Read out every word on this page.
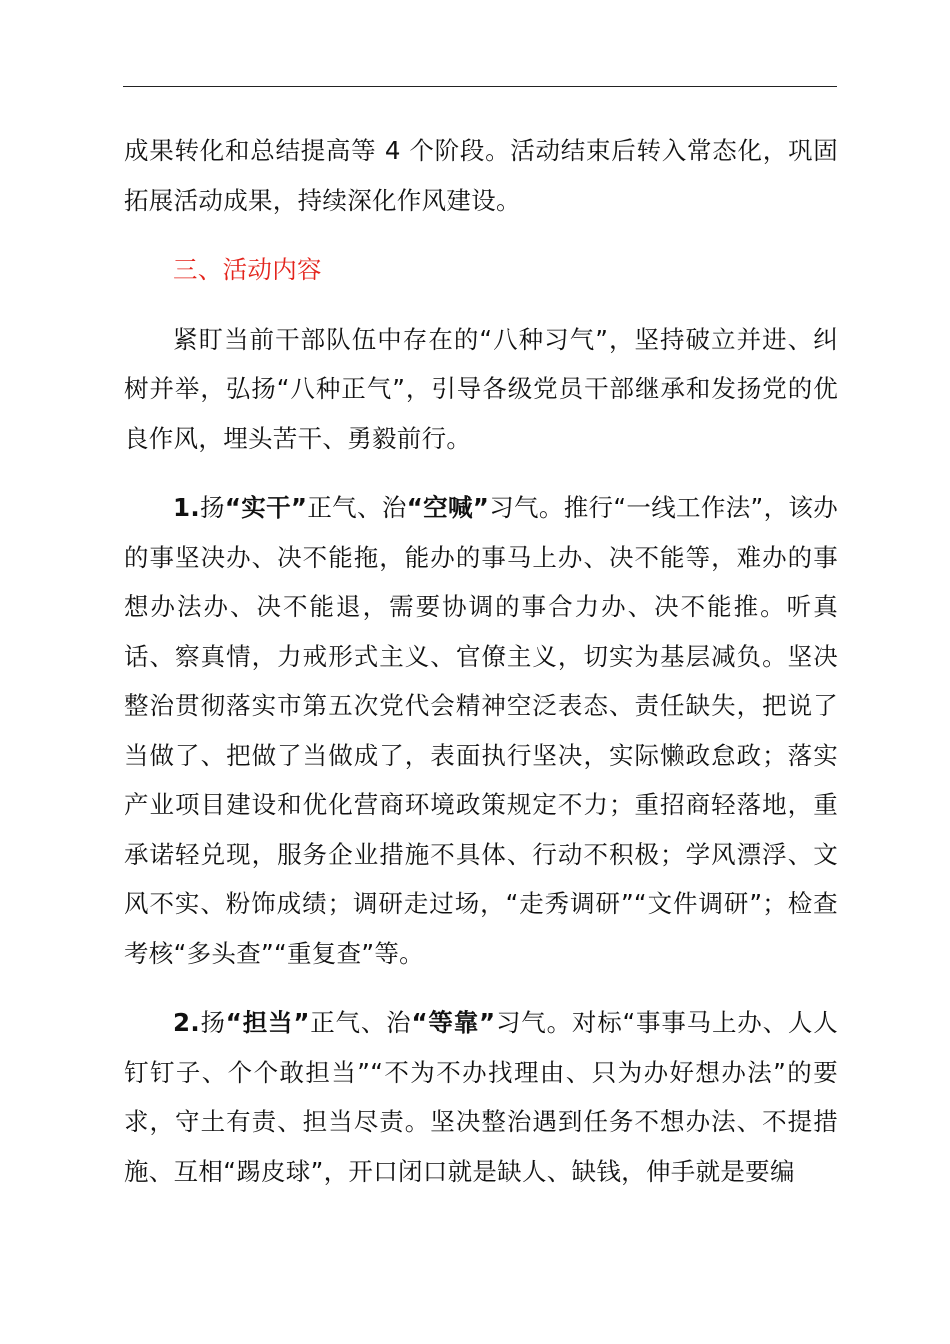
成果转化和总结提高等 4 个阶段。活动结束后转入常态化，巩固拓展活动成果，持续深化作风建设。

三、活动内容

紧盯当前干部队伍中存在的“八种习气”，坚持破立并进、纠树并举，弘扬“八种正气”，引导各级党员干部继承和发扬党的优良作风，埋头苦干、勇毅前行。

1.扬“实干”正气、治“空喊”习气。推行“一线工作法”，该办的事坚决办、决不能拖，能办的事马上办、决不能等，难办的事想办法办、决不能退，需要协调的事合力办、决不能推。听真话、察真情，力戒形式主义、官僚主义，切实为基层减负。坚决整治贯彻落实市第五次党代会精神空泛表态、责任缺失，把说了当做了、把做了当做成了，表面执行坚决，实际懒政怠政；落实产业项目建设和优化营商环境政策规定不力；重招商轻落地，重承诺轻兑现，服务企业措施不具体、行动不积极；学风漂浮、文风不实、粉饰成绩；调研走过场，“走秀调研”“文件调研”；检查考核“多头查”“重复查”等。

2.扬“担当”正气、治“等靠”习气。对标“事事马上办、人人钉钉子、个个敢担当”“不为不办找理由、只为办好想办法”的要求，守土有责、担当尽责。坚决整治遇到任务不想办法、不提措施、互相“踢皮球”，开口闭口就是缺人、缺钱，伸手就是要编
